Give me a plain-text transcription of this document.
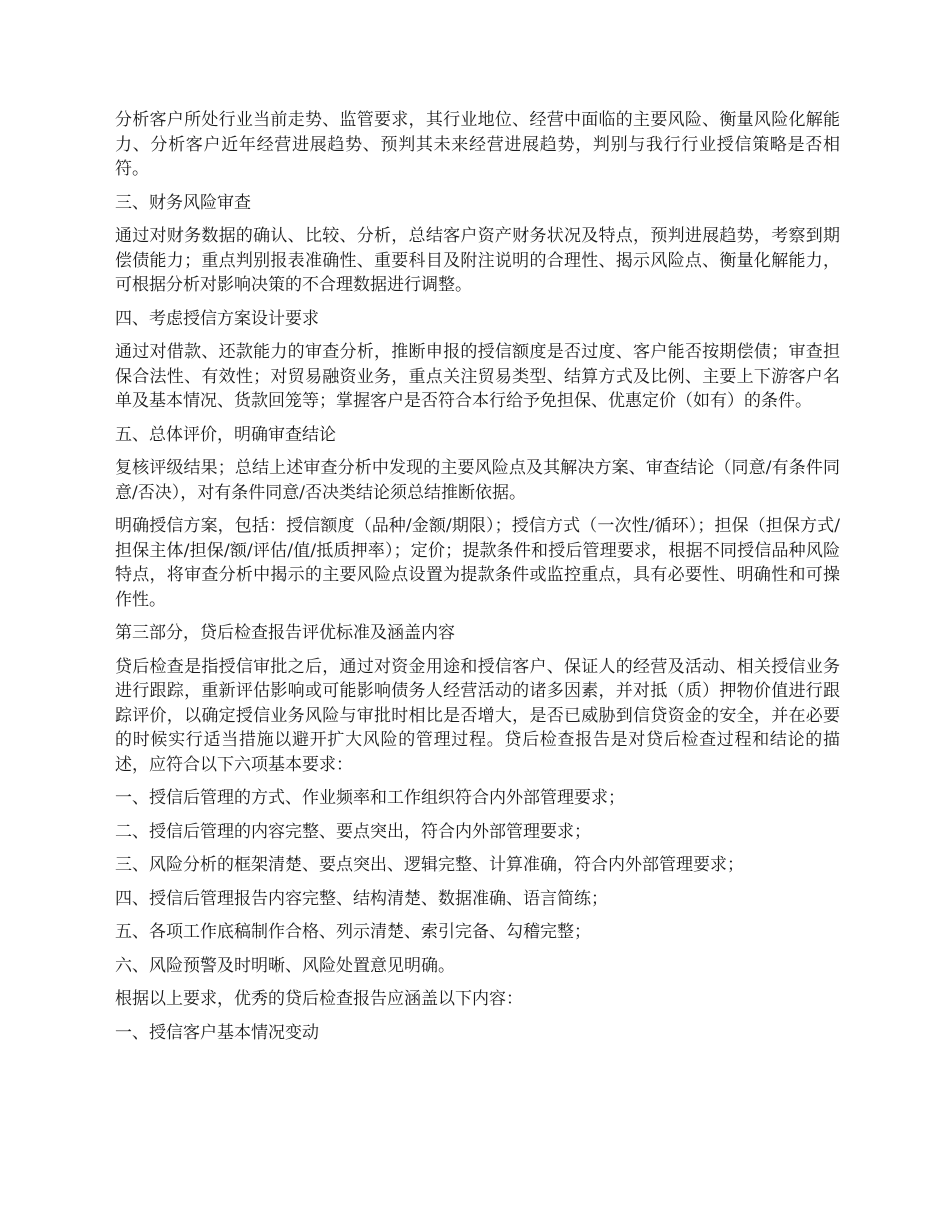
分析客户所处行业当前走势、监管要求，其行业地位、经营中面临的主要风险、衡量风险化解能力、分析客户近年经营进展趋势、预判其未来经营进展趋势，判别与我行行业授信策略是否相符。

三、财务风险审查

通过对财务数据的确认、比较、分析，总结客户资产财务状况及特点，预判进展趋势，考察到期偿债能力；重点判别报表准确性、重要科目及附注说明的合理性、揭示风险点、衡量化解能力，可根据分析对影响决策的不合理数据进行调整。

四、考虑授信方案设计要求

通过对借款、还款能力的审查分析，推断申报的授信额度是否过度、客户能否按期偿债；审查担保合法性、有效性；对贸易融资业务，重点关注贸易类型、结算方式及比例、主要上下游客户名单及基本情况、货款回笼等；掌握客户是否符合本行给予免担保、优惠定价（如有）的条件。

五、总体评价，明确审查结论

复核评级结果；总结上述审查分析中发现的主要风险点及其解决方案、审查结论（同意/有条件同意/否决），对有条件同意/否决类结论须总结推断依据。

明确授信方案，包括：授信额度（品种/金额/期限）；授信方式（一次性/循环）；担保（担保方式/担保主体/担保/额/评估/值/抵质押率）；定价；提款条件和授后管理要求，根据不同授信品种风险特点，将审查分析中揭示的主要风险点设置为提款条件或监控重点，具有必要性、明确性和可操作性。

第三部分，贷后检查报告评优标准及涵盖内容

贷后检查是指授信审批之后，通过对资金用途和授信客户、保证人的经营及活动、相关授信业务进行跟踪，重新评估影响或可能影响债务人经营活动的诸多因素，并对抵（质）押物价值进行跟踪评价，以确定授信业务风险与审批时相比是否增大，是否已威胁到信贷资金的安全，并在必要的时候实行适当措施以避开扩大风险的管理过程。贷后检查报告是对贷后检查过程和结论的描述，应符合以下六项基本要求：

一、授信后管理的方式、作业频率和工作组织符合内外部管理要求；

二、授信后管理的内容完整、要点突出，符合内外部管理要求；

三、风险分析的框架清楚、要点突出、逻辑完整、计算准确，符合内外部管理要求；

四、授信后管理报告内容完整、结构清楚、数据准确、语言简练；

五、各项工作底稿制作合格、列示清楚、索引完备、勾稽完整；

六、风险预警及时明晰、风险处置意见明确。

根据以上要求，优秀的贷后检查报告应涵盖以下内容：

一、授信客户基本情况变动
